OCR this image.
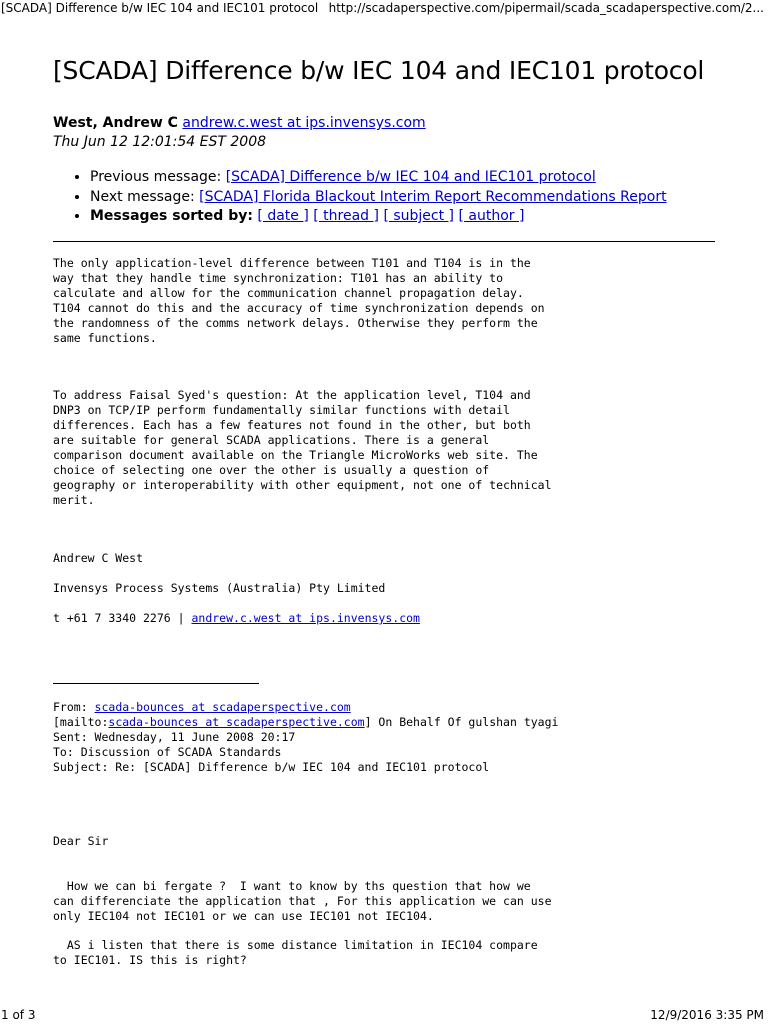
[SCADA] Difference b/w IEC 104 and IEC101 protocol http://scadaperspective.com/pipermail/scada_scadaperspective.com/2...
[SCADA] Difference b/w IEC 104 and IEC101 protocol
West, Andrew C andrew.c.west at ips.invensys.com
Thu Jun 12 12:01:54 EST 2008
• Previous message: [SCADA] Difference b/w IEC 104 and IEC101 protocol
• Next message: [SCADA] Florida Blackout Interim Report Recommendations Report
• Messages sorted by: [ date ] [ thread ] [ subject ] [ author ]
The only application-level difference between T101 and T104 is in the
way that they handle time synchronization: T101 has an ability to
calculate and allow for the communication channel propagation delay.
T104 cannot do this and the accuracy of time synchronization depends on
the randomness of the comms network delays. Otherwise they perform the
same functions.
To address Faisal Syed's question: At the application level, T104 and
DNP3 on TCP/IP perform fundamentally similar functions with detail
differences. Each has a few features not found in the other, but both
are suitable for general SCADA applications. There is a general
comparison document available on the Triangle MicroWorks web site. The
choice of selecting one over the other is usually a question of
geography or interoperability with other equipment, not one of technical
merit.
Andrew C West
Invensys Process Systems (Australia) Pty Limited
t +61 7 3340 2276 | andrew.c.west at ips.invensys.com
From: scada-bounces at scadaperspective.com
[mailto:scada-bounces at scadaperspective.com] On Behalf Of gulshan tyagi
Sent: Wednesday, 11 June 2008 20:17
To: Discussion of SCADA Standards
Subject: Re: [SCADA] Difference b/w IEC 104 and IEC101 protocol
Dear Sir
How we can bi fergate ?  I want to know by ths question that how we
can differenciate the application that , For this application we can use
only IEC104 not IEC101 or we can use IEC101 not IEC104.
AS i listen that there is some distance limitation in IEC104 compare
to IEC101. IS this is right?
1 of 3	12/9/2016 3:35 PM
